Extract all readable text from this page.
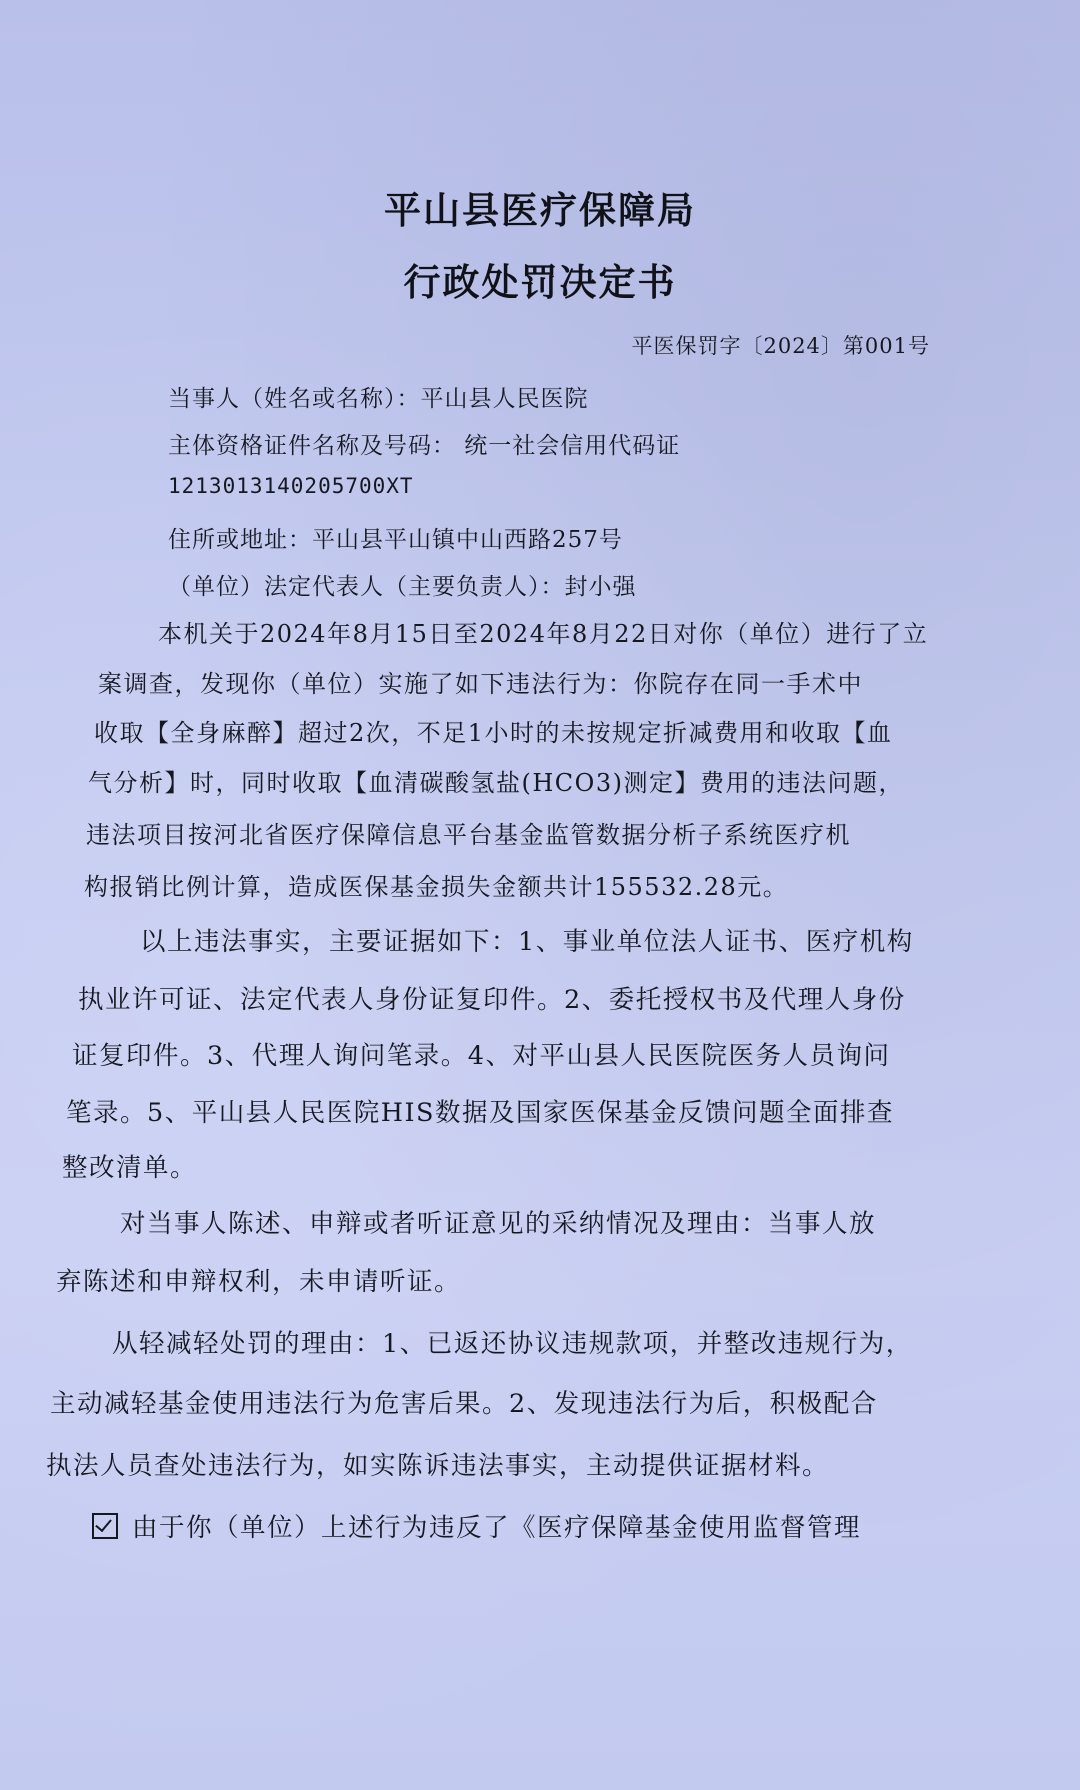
平山县医疗保障局
行政处罚决定书
平医保罚字〔2024〕第001号
当事人（姓名或名称）：平山县人民医院
主体资格证件名称及号码： 统一社会信用代码证
1213013140205700XT
住所或地址：平山县平山镇中山西路257号
（单位）法定代表人（主要负责人）：封小强
本机关于2024年8月15日至2024年8月22日对你（单位）进行了立
案调查，发现你（单位）实施了如下违法行为：你院存在同一手术中
收取【全身麻醉】超过2次，不足1小时的未按规定折减费用和收取【血
气分析】时，同时收取【血清碳酸氢盐(HCO3)测定】费用的违法问题，
违法项目按河北省医疗保障信息平台基金监管数据分析子系统医疗机
构报销比例计算，造成医保基金损失金额共计155532.28元。
以上违法事实，主要证据如下：1、事业单位法人证书、医疗机构
执业许可证、法定代表人身份证复印件。2、委托授权书及代理人身份
证复印件。3、代理人询问笔录。4、对平山县人民医院医务人员询问
笔录。5、平山县人民医院HIS数据及国家医保基金反馈问题全面排查
整改清单。
对当事人陈述、申辩或者听证意见的采纳情况及理由：当事人放
弃陈述和申辩权利，未申请听证。
从轻减轻处罚的理由：1、已返还协议违规款项，并整改违规行为，
主动减轻基金使用违法行为危害后果。2、发现违法行为后，积极配合
执法人员查处违法行为，如实陈诉违法事实，主动提供证据材料。
由于你（单位）上述行为违反了《医疗保障基金使用监督管理
